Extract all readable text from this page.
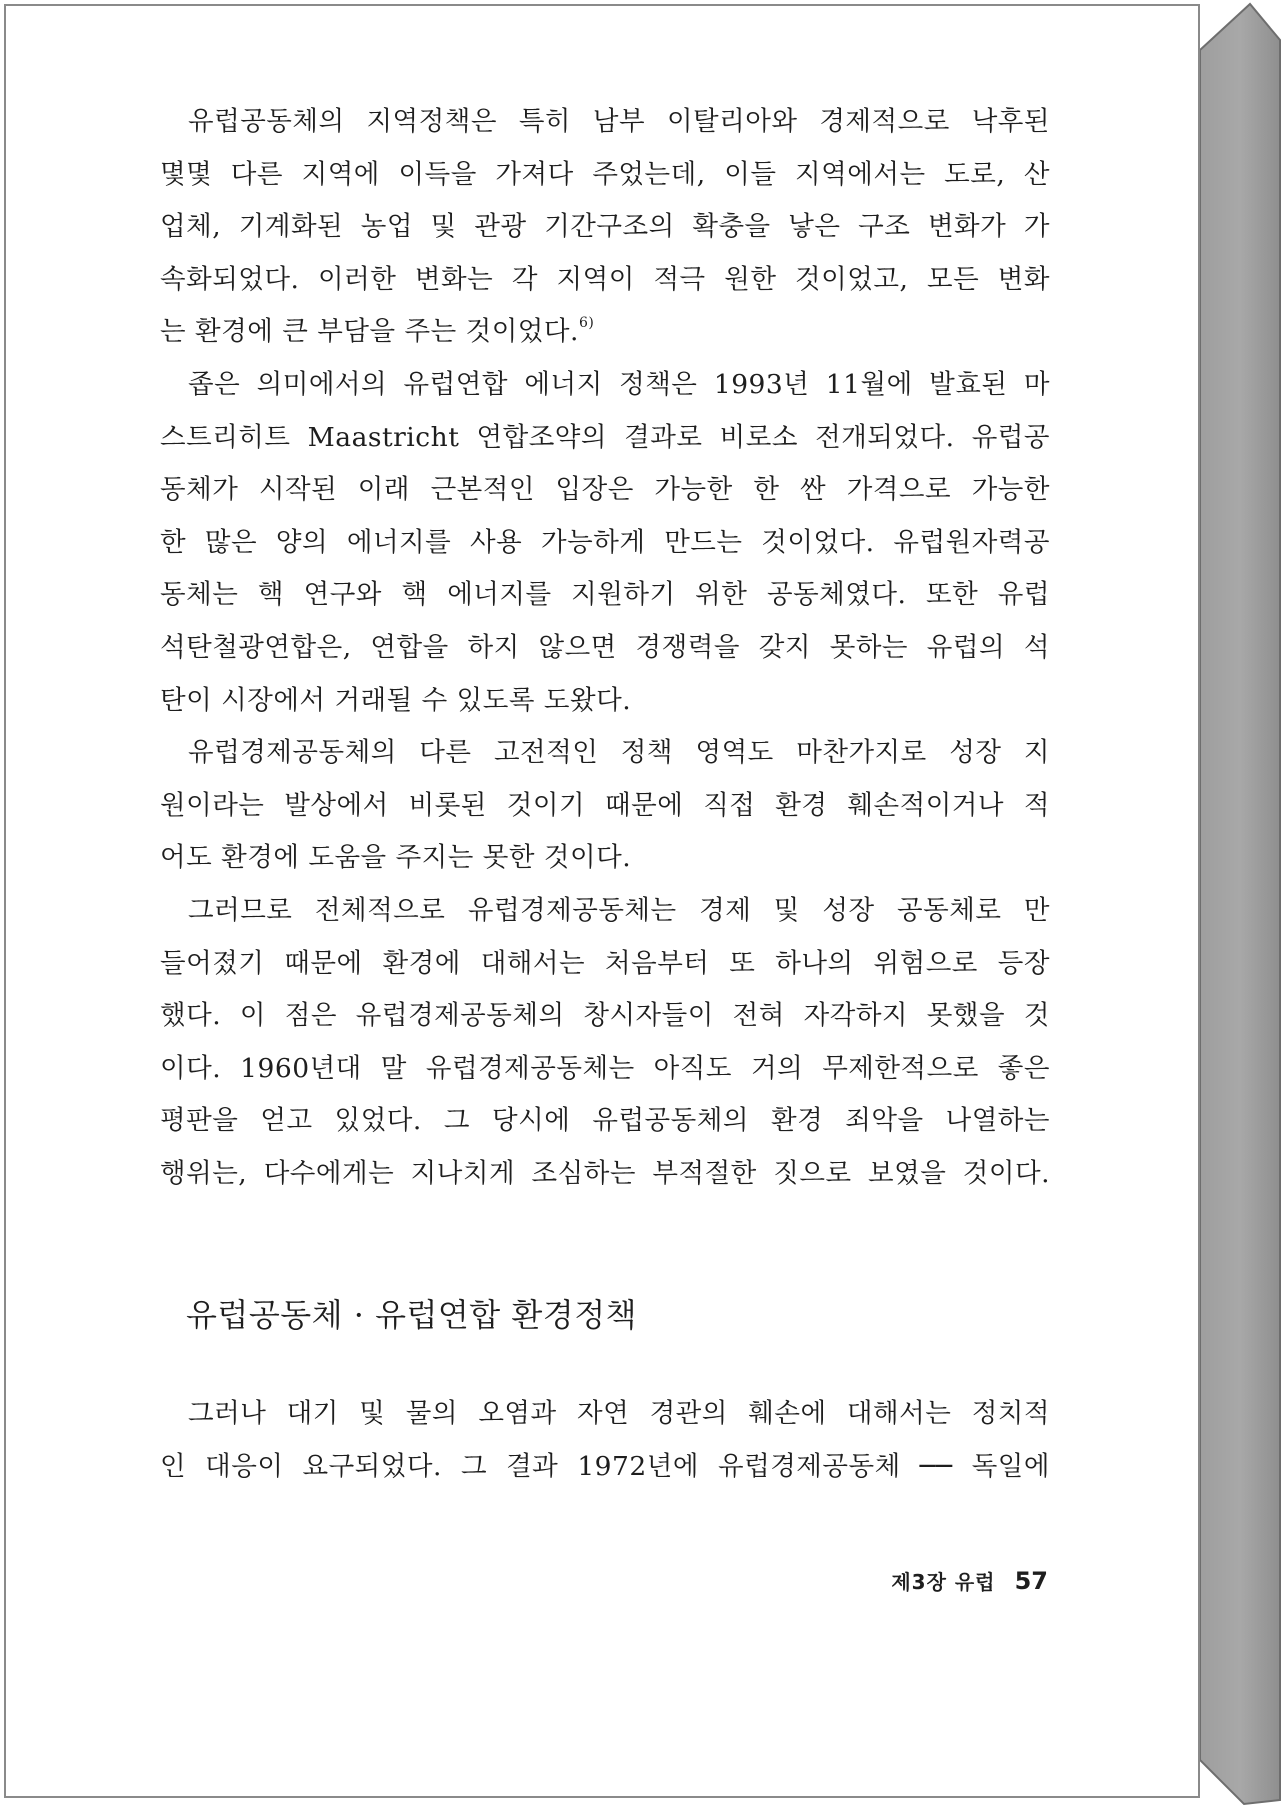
유럽공동체의 지역정책은 특히 남부 이탈리아와 경제적으로 낙후된
몇몇 다른 지역에 이득을 가져다 주었는데, 이들 지역에서는 도로, 산
업체, 기계화된 농업 및 관광 기간구조의 확충을 낳은 구조 변화가 가
속화되었다. 이러한 변화는 각 지역이 적극 원한 것이었고, 모든 변화
는 환경에 큰 부담을 주는 것이었다.$^{6)}$

좁은 의미에서의 유럽연합 에너지 정책은 1993년 11월에 발효된 마
스트리히트 Maastricht 연합조약의 결과로 비로소 전개되었다. 유럽공
동체가 시작된 이래 근본적인 입장은 가능한 한 싼 가격으로 가능한
한 많은 양의 에너지를 사용 가능하게 만드는 것이었다. 유럽원자력공
동체는 핵 연구와 핵 에너지를 지원하기 위한 공동체였다. 또한 유럽
석탄철광연합은, 연합을 하지 않으면 경쟁력을 갖지 못하는 유럽의 석
탄이 시장에서 거래될 수 있도록 도왔다.

유럽경제공동체의 다른 고전적인 정책 영역도 마찬가지로 성장 지
원이라는 발상에서 비롯된 것이기 때문에 직접 환경 훼손적이거나 적
어도 환경에 도움을 주지는 못한 것이다.

그러므로 전체적으로 유럽경제공동체는 경제 및 성장 공동체로 만
들어졌기 때문에 환경에 대해서는 처음부터 또 하나의 위험으로 등장
했다. 이 점은 유럽경제공동체의 창시자들이 전혀 자각하지 못했을 것
이다. 1960년대 말 유럽경제공동체는 아직도 거의 무제한적으로 좋은
평판을 얻고 있었다. 그 당시에 유럽공동체의 환경 죄악을 나열하는
행위는, 다수에게는 지나치게 조심하는 부적절한 짓으로 보였을 것이다.

유럽공동체 · 유럽연합 환경정책

그러나 대기 및 물의 오염과 자연 경관의 훼손에 대해서는 정치적
인 대응이 요구되었다. 그 결과 1972년에 유럽경제공동체 ── 독일에

제3장 유럽 57
